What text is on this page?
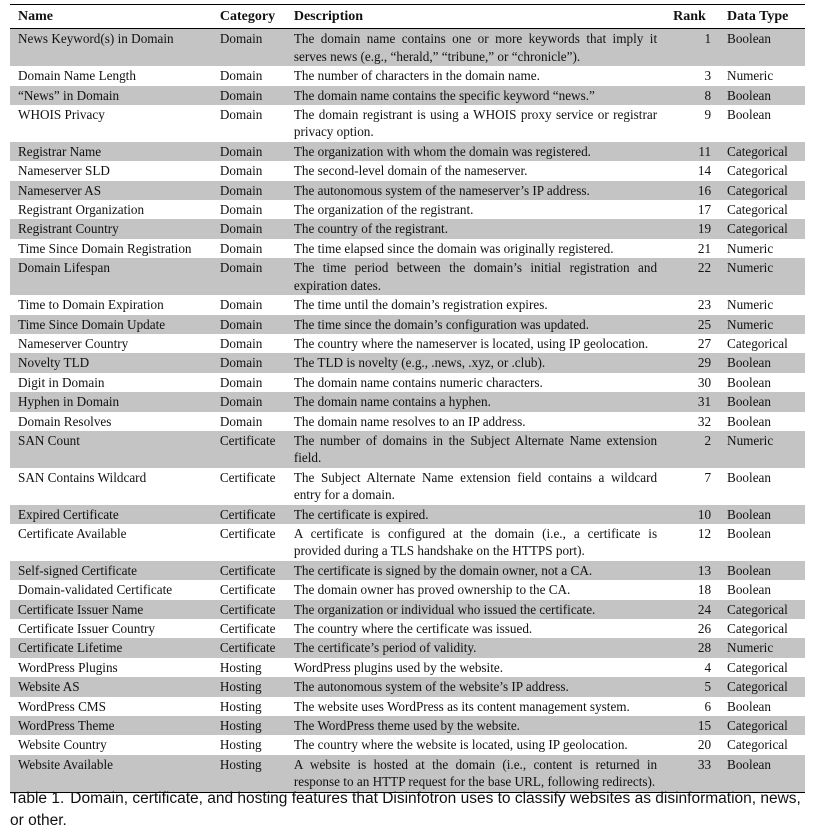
Name	Category	Description	Rank	Data Type
News Keyword(s) in Domain	Domain	The domain name contains one or more keywords that imply it serves news (e.g., “herald,” “tribune,” or “chronicle”).	1	Boolean
Domain Name Length	Domain	The number of characters in the domain name.	3	Numeric
“News” in Domain	Domain	The domain name contains the specific keyword “news.”	8	Boolean
WHOIS Privacy	Domain	The domain registrant is using a WHOIS proxy service or registrar privacy option.	9	Boolean
Registrar Name	Domain	The organization with whom the domain was registered.	11	Categorical
Nameserver SLD	Domain	The second-level domain of the nameserver.	14	Categorical
Nameserver AS	Domain	The autonomous system of the nameserver’s IP address.	16	Categorical
Registrant Organization	Domain	The organization of the registrant.	17	Categorical
Registrant Country	Domain	The country of the registrant.	19	Categorical
Time Since Domain Registration	Domain	The time elapsed since the domain was originally registered.	21	Numeric
Domain Lifespan	Domain	The time period between the domain’s initial registration and expiration dates.	22	Numeric
Time to Domain Expiration	Domain	The time until the domain’s registration expires.	23	Numeric
Time Since Domain Update	Domain	The time since the domain’s configuration was updated.	25	Numeric
Nameserver Country	Domain	The country where the nameserver is located, using IP geolocation.	27	Categorical
Novelty TLD	Domain	The TLD is novelty (e.g., .news, .xyz, or .club).	29	Boolean
Digit in Domain	Domain	The domain name contains numeric characters.	30	Boolean
Hyphen in Domain	Domain	The domain name contains a hyphen.	31	Boolean
Domain Resolves	Domain	The domain name resolves to an IP address.	32	Boolean
SAN Count	Certificate	The number of domains in the Subject Alternate Name extension field.	2	Numeric
SAN Contains Wildcard	Certificate	The Subject Alternate Name extension field contains a wildcard entry for a domain.	7	Boolean
Expired Certificate	Certificate	The certificate is expired.	10	Boolean
Certificate Available	Certificate	A certificate is configured at the domain (i.e., a certificate is provided during a TLS handshake on the HTTPS port).	12	Boolean
Self-signed Certificate	Certificate	The certificate is signed by the domain owner, not a CA.	13	Boolean
Domain-validated Certificate	Certificate	The domain owner has proved ownership to the CA.	18	Boolean
Certificate Issuer Name	Certificate	The organization or individual who issued the certificate.	24	Categorical
Certificate Issuer Country	Certificate	The country where the certificate was issued.	26	Categorical
Certificate Lifetime	Certificate	The certificate’s period of validity.	28	Numeric
WordPress Plugins	Hosting	WordPress plugins used by the website.	4	Categorical
Website AS	Hosting	The autonomous system of the website’s IP address.	5	Categorical
WordPress CMS	Hosting	The website uses WordPress as its content management system.	6	Boolean
WordPress Theme	Hosting	The WordPress theme used by the website.	15	Categorical
Website Country	Hosting	The country where the website is located, using IP geolocation.	20	Categorical
Website Available	Hosting	A website is hosted at the domain (i.e., content is returned in response to an HTTP request for the base URL, following redirects).	33	Boolean
Table 1. Domain, certificate, and hosting features that Disinfotron uses to classify websites as disinformation, news, or other.
